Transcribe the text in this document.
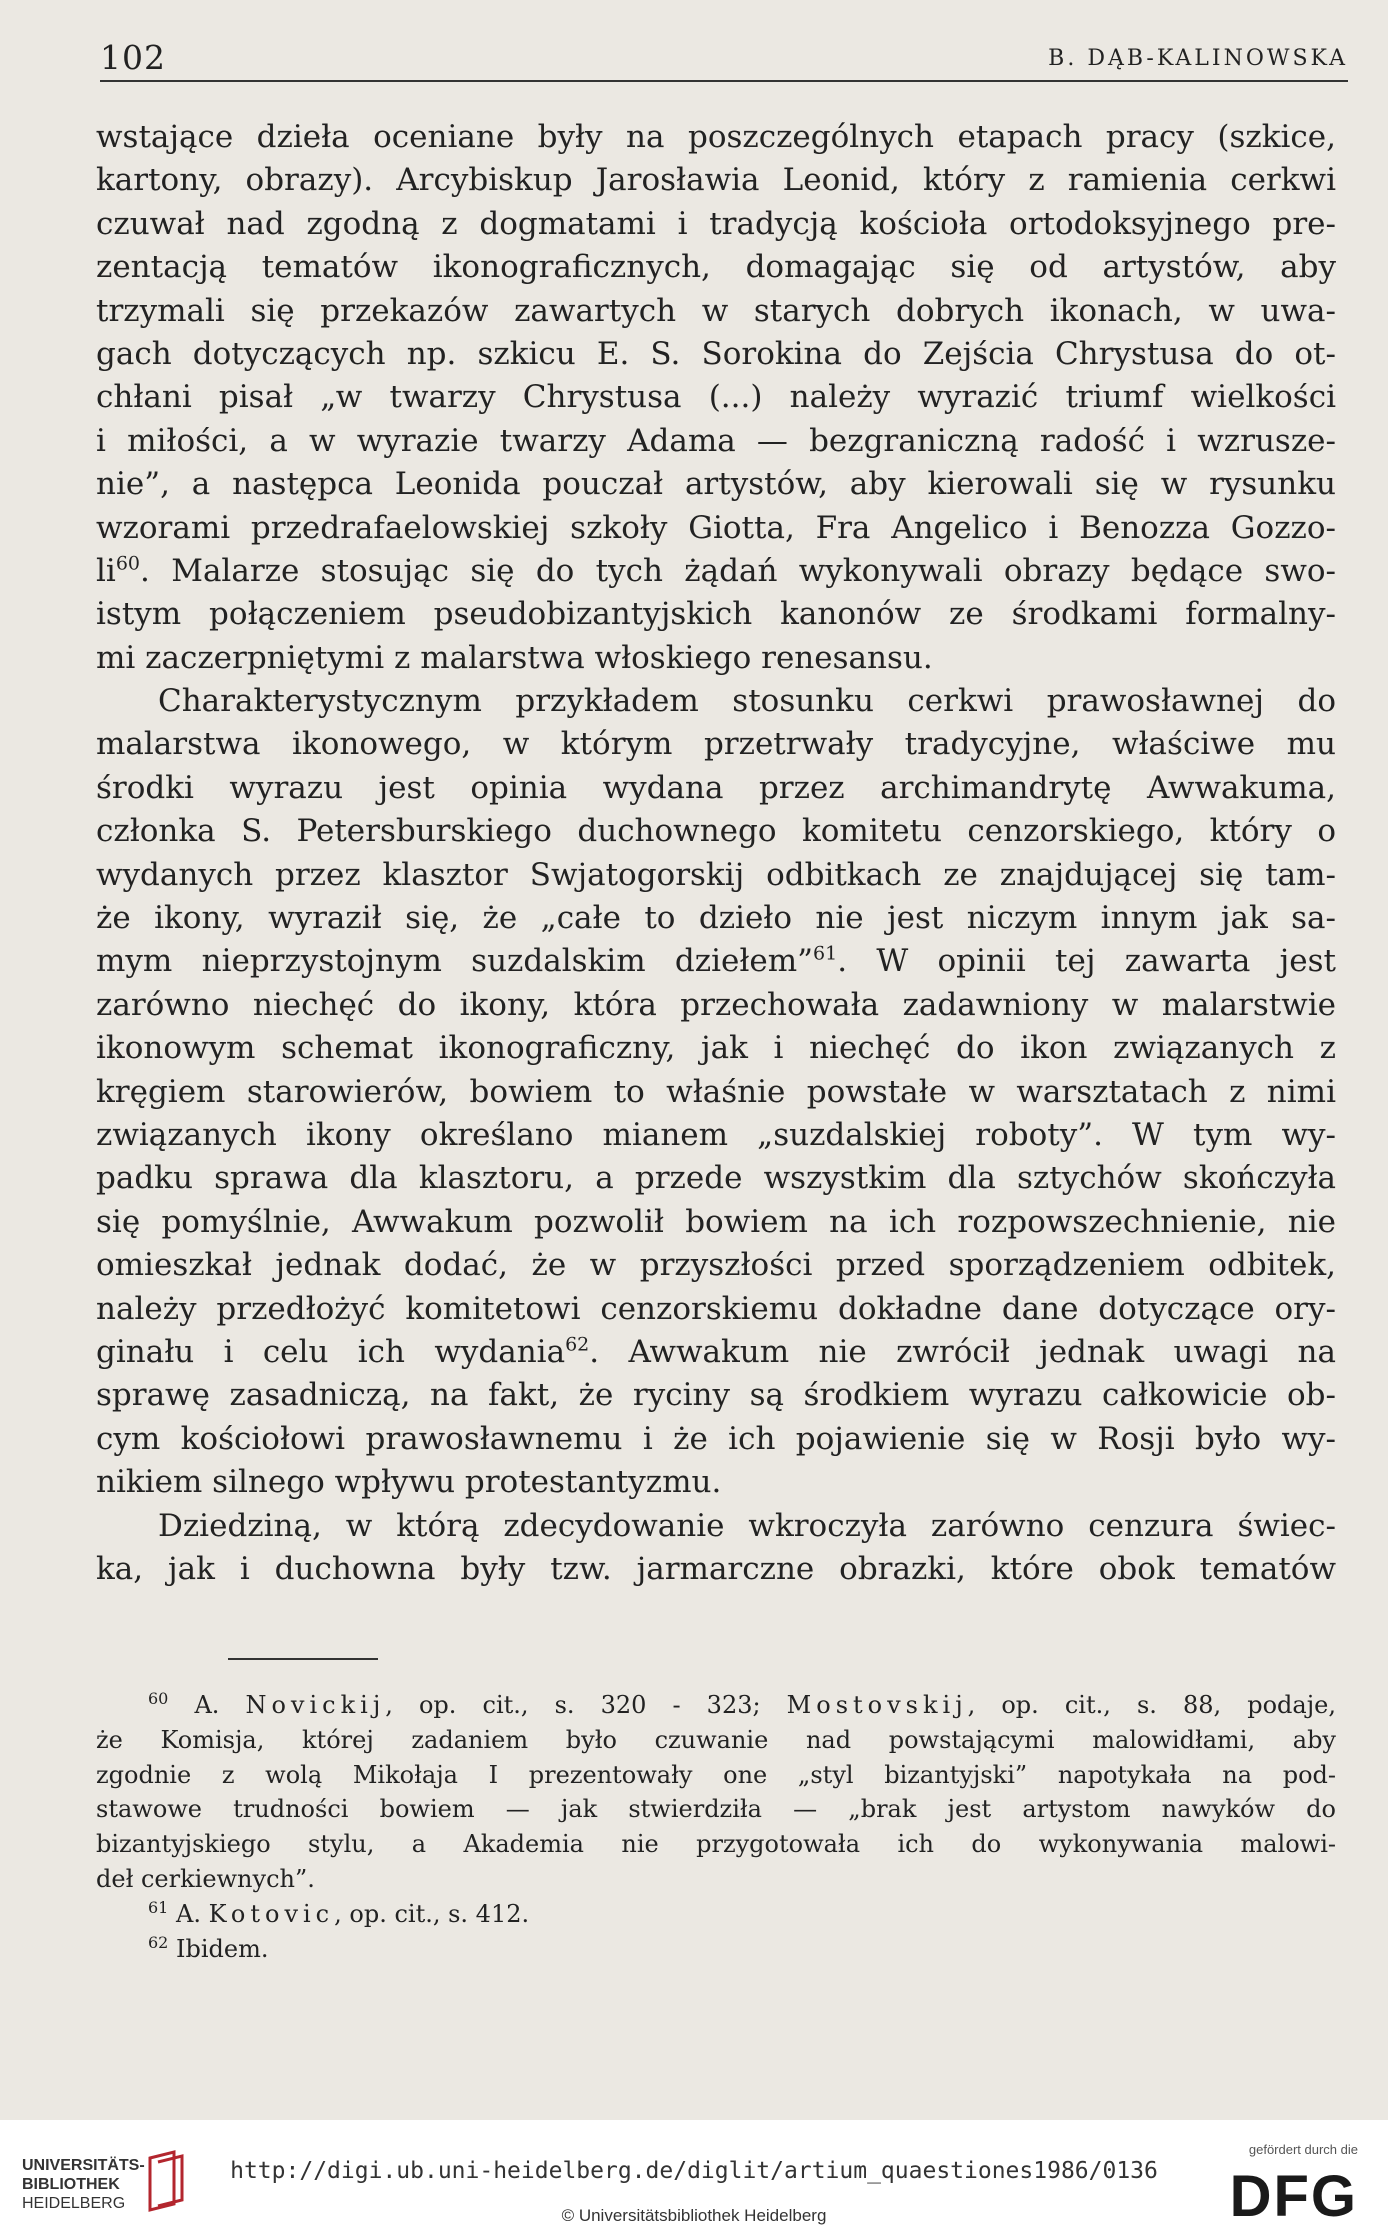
102	B. DĄB-KALINOWSKA
wstające dzieła oceniane były na poszczególnych etapach pracy (szkice,
kartony, obrazy). Arcybiskup Jarosławia Leonid, który z ramienia cerkwi
czuwał nad zgodną z dogmatami i tradycją kościoła ortodoksyjnego pre-
zentacją tematów ikonograficznych, domagając się od artystów, aby
trzymali się przekazów zawartych w starych dobrych ikonach, w uwa-
gach dotyczących np. szkicu E. S. Sorokina do Zejścia Chrystusa do ot-
chłani pisał „w twarzy Chrystusa (...) należy wyrazić triumf wielkości
i miłości, a w wyrazie twarzy Adama — bezgraniczną radość i wzrusze-
nie”, a następca Leonida pouczał artystów, aby kierowali się w rysunku
wzorami przedrafaelowskiej szkoły Giotta, Fra Angelico i Benozza Gozzo-
$li^{60}$. Malarze stosując się do tych żądań wykonywali obrazy będące swo-
istym połączeniem pseudobizantyjskich kanonów ze środkami formalny-
mi zaczerpniętymi z malarstwa włoskiego renesansu.
Charakterystycznym przykładem stosunku cerkwi prawosławnej do
malarstwa ikonowego, w którym przetrwały tradycyjne, właściwe mu
środki wyrazu jest opinia wydana przez archimandrytę Awwakuma,
członka S. Petersburskiego duchownego komitetu cenzorskiego, który o
wydanych przez klasztor Swjatogorskij odbitkach ze znajdującej się tam-
że ikony, wyraził się, że „całe to dzieło nie jest niczym innym jak sa-
mym nieprzystojnym suzdalskim dziełem”$^{61}$. W opinii tej zawarta jest
zarówno niechęć do ikony, która przechowała zadawniony w malarstwie
ikonowym schemat ikonograficzny, jak i niechęć do ikon związanych z
kręgiem starowierów, bowiem to właśnie powstałe w warsztatach z nimi
związanych ikony określano mianem „suzdalskiej roboty”. W tym wy-
padku sprawa dla klasztoru, a przede wszystkim dla sztychów skończyła
się pomyślnie, Awwakum pozwolił bowiem na ich rozpowszechnienie, nie
omieszkał jednak dodać, że w przyszłości przed sporządzeniem odbitek,
należy przedłożyć komitetowi cenzorskiemu dokładne dane dotyczące ory-
ginału i celu ich wydania$^{62}$. Awwakum nie zwrócił jednak uwagi na
sprawę zasadniczą, na fakt, że ryciny są środkiem wyrazu całkowicie ob-
cym kościołowi prawosławnemu i że ich pojawienie się w Rosji było wy-
nikiem silnego wpływu protestantyzmu.
Dziedziną, w którą zdecydowanie wkroczyła zarówno cenzura świec-
ka, jak i duchowna były tzw. jarmarczne obrazki, które obok tematów
$^{60}$ A. Novickij, op. cit., s. 320 - 323; Mostovskij, op. cit., s. 88, podaje,
że Komisja, której zadaniem było czuwanie nad powstającymi malowidłami, aby
zgodnie z wolą Mikołaja I prezentowały one „styl bizantyjski” napotykała na pod-
stawowe trudności bowiem — jak stwierdziła — „brak jest artystom nawyków do
bizantyjskiego stylu, a Akademia nie przygotowała ich do wykonywania malowi-
deł cerkiewnych”.
$^{61}$ A. Kotovic, op. cit., s. 412.
$^{62}$ Ibidem.
UNIVERSITÄTS-
BIBLIOTHEK
HEIDELBERG
http://digi.ub.uni-heidelberg.de/diglit/artium_quaestiones1986/0136
© Universitätsbibliothek Heidelberg
gefördert durch die
DFG
